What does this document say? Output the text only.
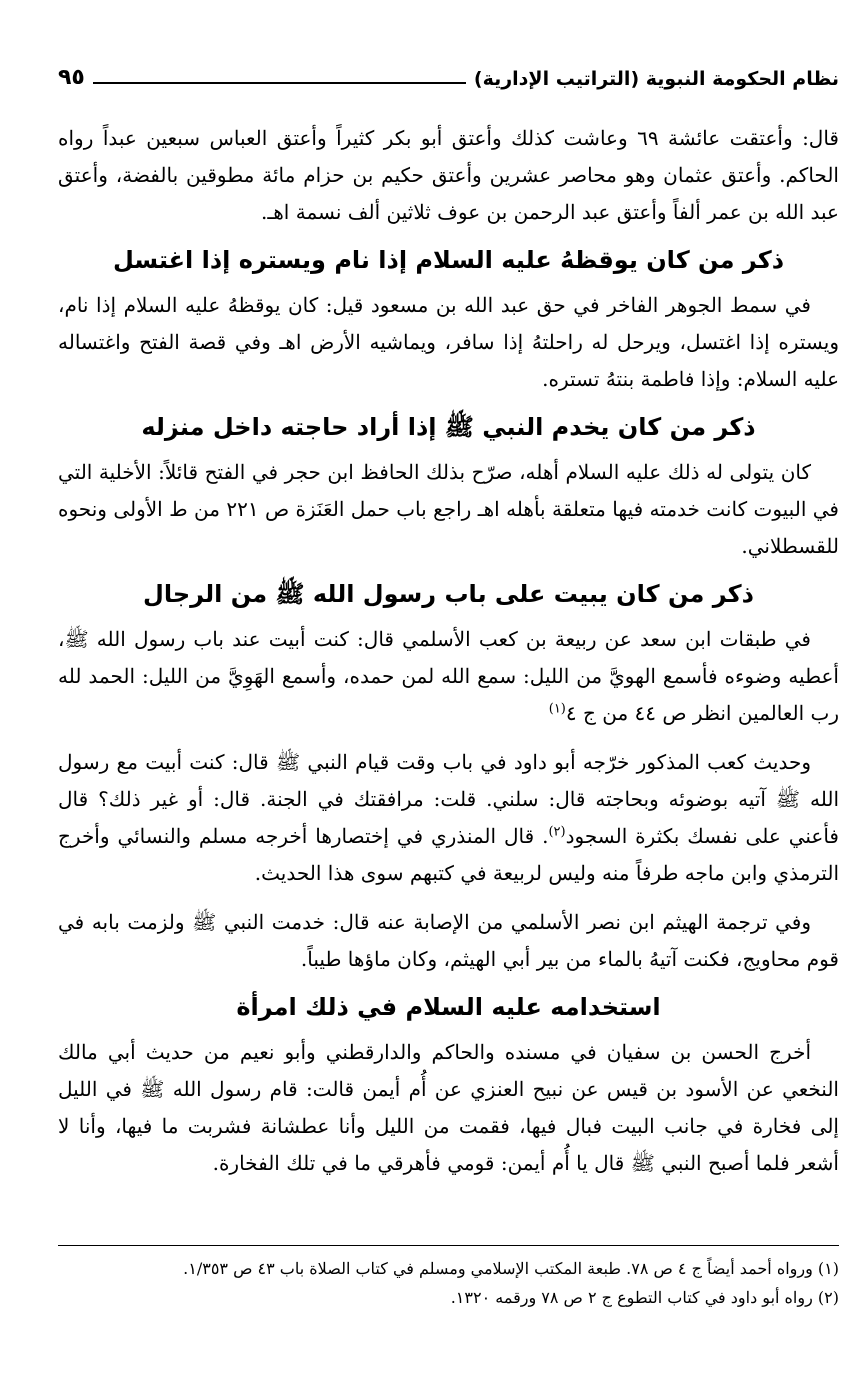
نظام الحكومة النبوية (التراتيب الإدارية)
٩٥

قال: وأعتقت عائشة ٦٩ وعاشت كذلك وأعتق أبو بكر كثيراً وأعتق العباس سبعين عبداً رواه الحاكم. وأعتق عثمان وهو محاصر عشرين وأعتق حكيم بن حزام مائة مطوقين بالفضة، وأعتق عبد الله بن عمر ألفاً وأعتق عبد الرحمن بن عوف ثلاثين ألف نسمة اهـ.

ذكر من كان يوقظهُ عليه السلام إذا نام ويستره إذا اغتسل

في سمط الجوهر الفاخر في حق عبد الله بن مسعود قيل: كان يوقظهُ عليه السلام إذا نام، ويستره إذا اغتسل، ويرحل له راحلتهُ إذا سافر، ويماشيه الأرض اهـ وفي قصة الفتح واغتساله عليه السلام: وإذا فاطمة بنتهُ تستره.

ذكر من كان يخدم النبي ﷺ إذا أراد حاجته داخل منزله

كان يتولى له ذلك عليه السلام أهله، صرّح بذلك الحافظ ابن حجر في الفتح قائلاً: الأخلية التي في البيوت كانت خدمته فيها متعلقة بأهله اهـ راجع باب حمل العَنَزة ص ٢٢١ من ط الأولى ونحوه للقسطلاني.

ذكر من كان يبيت على باب رسول الله ﷺ من الرجال

في طبقات ابن سعد عن ربيعة بن كعب الأسلمي قال: كنت أبيت عند باب رسول الله ﷺ، أعطيه وضوءه فأسمع الهويَّ من الليل: سمع الله لمن حمده، وأسمع الهَوِيَّ من الليل: الحمد لله رب العالمين انظر ص ٤٤ من ج ٤$^{(١)}$

وحديث كعب المذكور خرّجه أبو داود في باب وقت قيام النبي ﷺ قال: كنت أبيت مع رسول الله ﷺ آتيه بوضوئه وبحاجته قال: سلني. قلت: مرافقتك في الجنة. قال: أو غير ذلك؟ قال فأعني على نفسك بكثرة السجود$^{(٢)}$. قال المنذري في إختصارها أخرجه مسلم والنسائي وأخرج الترمذي وابن ماجه طرفاً منه وليس لربيعة في كتبهم سوى هذا الحديث.

وفي ترجمة الهيثم ابن نصر الأسلمي من الإصابة عنه قال: خدمت النبي ﷺ ولزمت بابه في قوم محاويج، فكنت آتيهُ بالماء من بير أبي الهيثم، وكان ماؤها طيباً.

استخدامه عليه السلام في ذلك امرأة

أخرج الحسن بن سفيان في مسنده والحاكم والدارقطني وأبو نعيم من حديث أبي مالك النخعي عن الأسود بن قيس عن نبيح العنزي عن أُم أيمن قالت: قام رسول الله ﷺ في الليل إلى فخارة في جانب البيت فبال فيها، فقمت من الليل وأنا عطشانة فشربت ما فيها، وأنا لا أشعر فلما أصبح النبي ﷺ قال يا أُم أيمن: قومي فأهرقي ما في تلك الفخارة.

(١) ورواه أحمد أيضاً ج ٤ ص ٧٨. طبعة المكتب الإسلامي ومسلم في كتاب الصلاة باب ٤٣ ص ١/٣٥٣.

(٢) رواه أبو داود في كتاب التطوع ج ٢ ص ٧٨ ورقمه ١٣٢٠.
